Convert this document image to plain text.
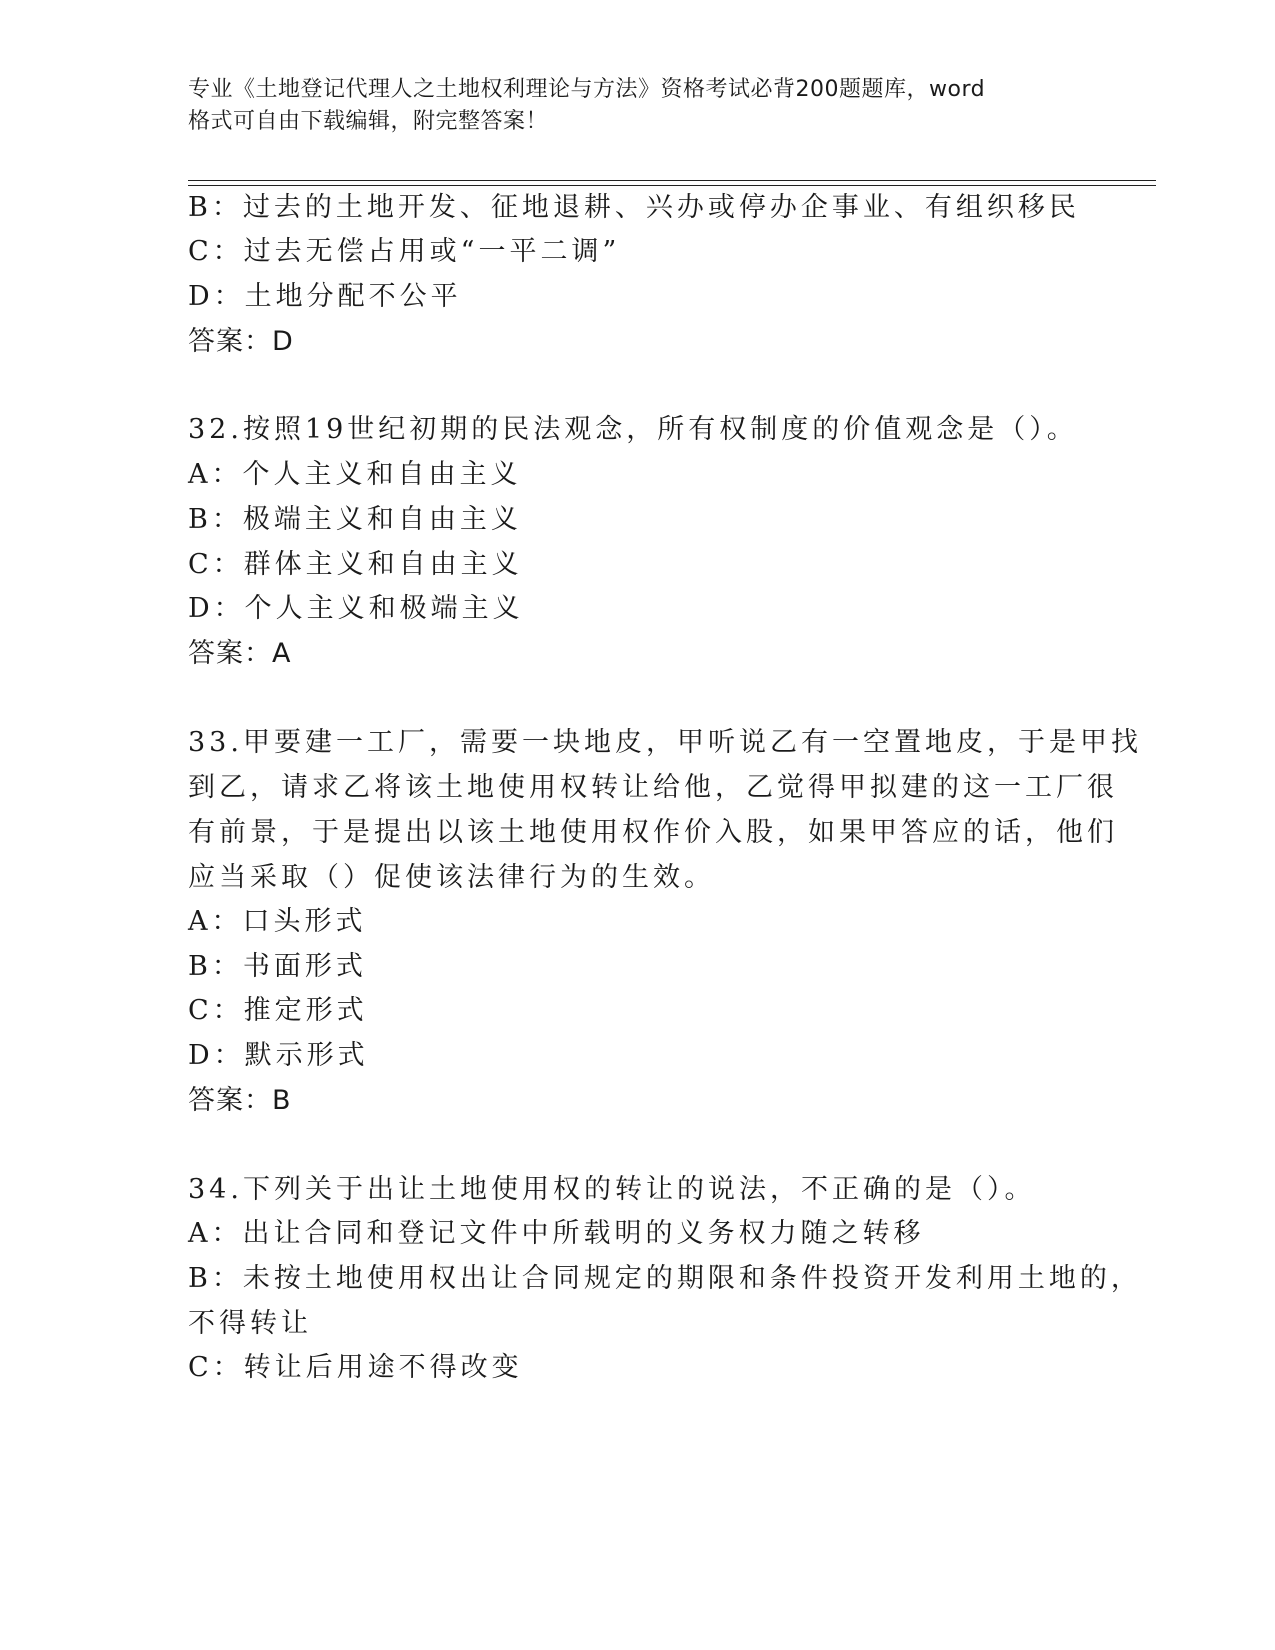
专业《土地登记代理人之土地权利理论与方法》资格考试必背200题题库，word
格式可自由下载编辑，附完整答案！
B：过去的土地开发、征地退耕、兴办或停办企事业、有组织移民
C：过去无偿占用或“一平二调”
D：土地分配不公平
答案：D
32.按照19世纪初期的民法观念，所有权制度的价值观念是（）。
A：个人主义和自由主义
B：极端主义和自由主义
C：群体主义和自由主义
D：个人主义和极端主义
答案：A
33.甲要建一工厂，需要一块地皮，甲听说乙有一空置地皮，于是甲找
到乙，请求乙将该土地使用权转让给他，乙觉得甲拟建的这一工厂很
有前景，于是提出以该土地使用权作价入股，如果甲答应的话，他们
应当采取（）促使该法律行为的生效。
A：口头形式
B：书面形式
C：推定形式
D：默示形式
答案：B
34.下列关于出让土地使用权的转让的说法，不正确的是（）。
A：出让合同和登记文件中所载明的义务权力随之转移
B：未按土地使用权出让合同规定的期限和条件投资开发利用土地的，
不得转让
C：转让后用途不得改变
